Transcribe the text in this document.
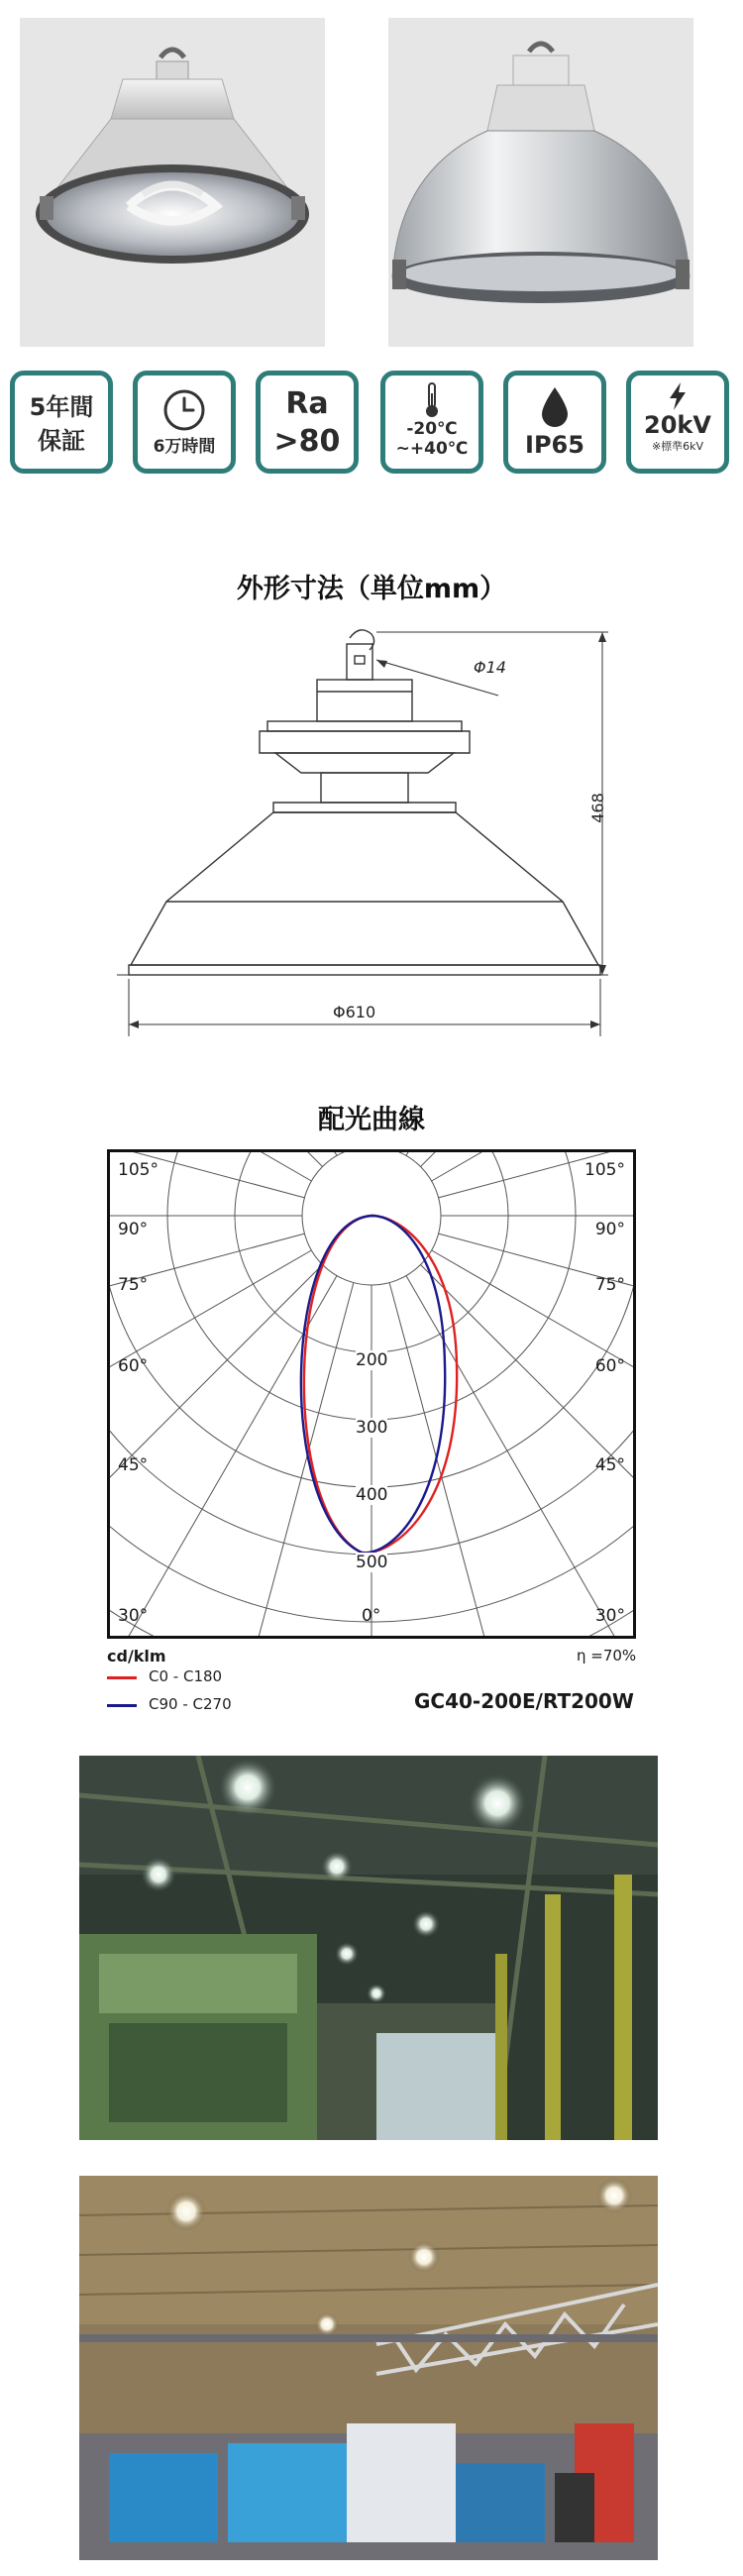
5年間
保証	6万時間
Ra
>80	-20℃
~+40℃	IP65
20kV
※標準6kV
外形寸法（単位mm）
Φ14
468
Φ610
配光曲線
105°	105°
90°	90°
75°	75°
60°	60°
45°	45°
30°	30°
0°
200
300
400
500
cd/klm	η =70%
C0 - C180
C90 - C270	GC40-200E/RT200W
